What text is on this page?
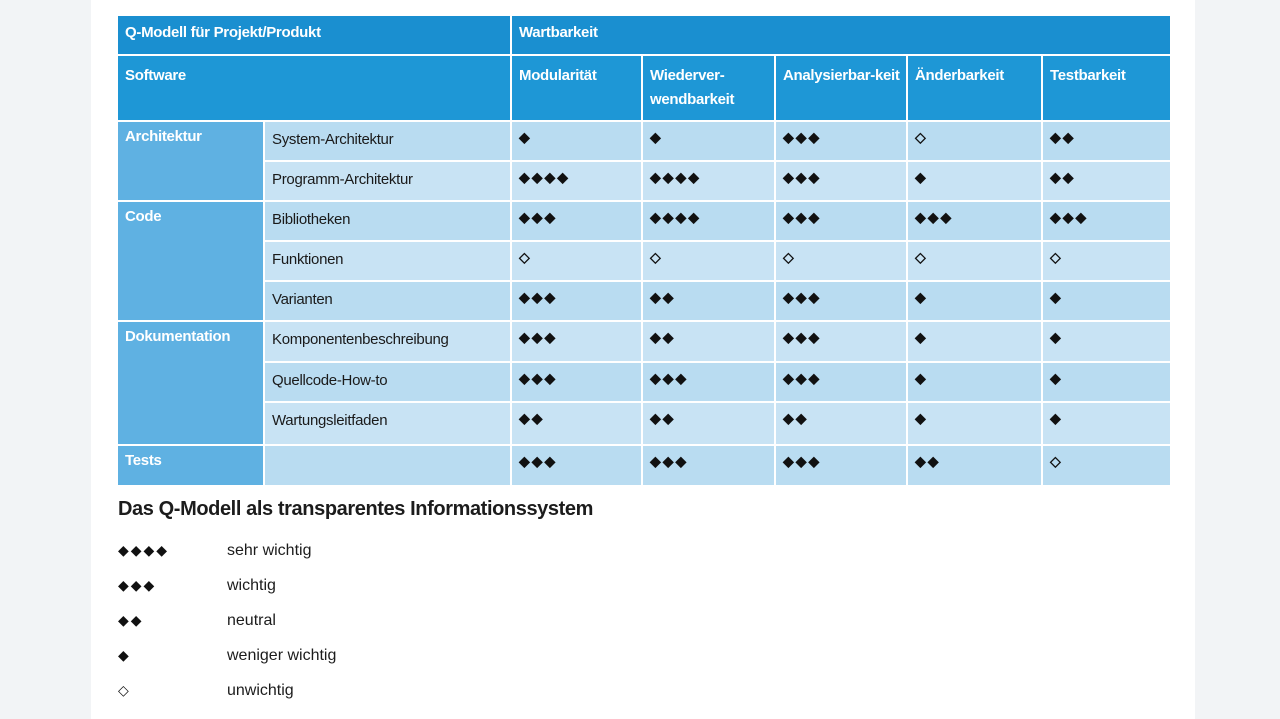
Q-Modell für Projekt/Produkt		Wartbarkeit				
Software		Modularität	Wiederver-wendbarkeit	Analysierbar-keit	Änderbarkeit	Testbarkeit
Architektur	System-Architektur	◆	◆	◆◆◆	◇	◆◆
	Programm-Architektur	◆◆◆◆	◆◆◆◆	◆◆◆	◆	◆◆
Code	Bibliotheken	◆◆◆	◆◆◆◆	◆◆◆	◆◆◆	◆◆◆
	Funktionen	◇	◇	◇	◇	◇
	Varianten	◆◆◆	◆◆	◆◆◆	◆	◆
Dokumentation	Komponentenbeschreibung	◆◆◆	◆◆	◆◆◆	◆	◆
	Quellcode-How-to	◆◆◆	◆◆◆	◆◆◆	◆	◆
	Wartungsleitfaden	◆◆	◆◆	◆◆	◆	◆
Tests		◆◆◆	◆◆◆	◆◆◆	◆◆	◇
Das Q-Modell als transparentes Informationssystem
◆◆◆◆	sehr wichtig
◆◆◆	wichtig
◆◆	neutral
◆	weniger wichtig
◇	unwichtig
